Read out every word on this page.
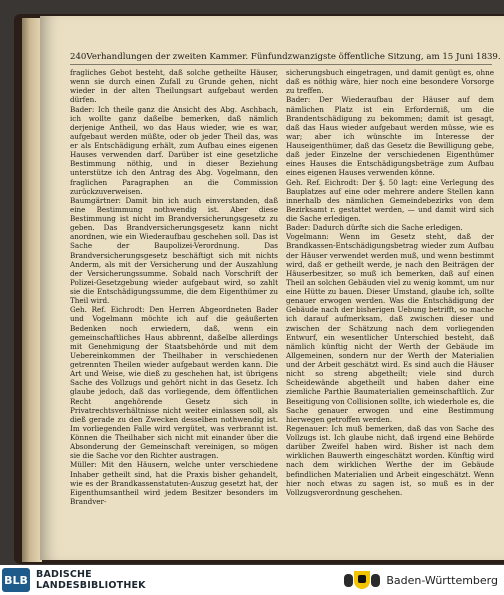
240 Verhandlungen der zweiten Kammer. Fünfundzwanzigste öffentliche Sitzung, am 15 Juni 1839.

fragliches Gebot besteht, daß solche getheilte Häuser, wenn sie durch einen Zufall zu Grunde gehen, nicht wieder in der alten Theilungsart aufgebaut werden dürfen.

Bader: Ich theile ganz die Ansicht des Abg. Aschbach, ich wollte ganz daßelbe bemerken, daß nämlich derjenige Antheil, wo das Haus wieder, wie es war, aufgebaut werden müßte, oder ob jeder Theil das, was er als Entschädigung erhält, zum Aufbau eines eigenen Hauses verwenden darf. Darüber ist eine gesetzliche Bestimmung nöthig, und in dieser Beziehung unterstütze ich den Antrag des Abg. Vogelmann, den fraglichen Paragraphen an die Commission zurückzuverweisen.

Baumgärtner: Damit bin ich auch einverstanden, daß eine Bestimmung nothwendig ist. Aber diese Bestimmung ist nicht im Brandversicherungsgesetz zu geben. Das Brandversicherungsgesetz kann nicht anordnen, wie ein Wiederaufbau geschehen soll. Das ist Sache der Baupolizei-Verordnung. Das Brandversicherungsgesetz beschäftigt sich mit nichts Anderm, als mit der Versicherung und der Auszahlung der Versicherungssumme. Sobald nach Vorschrift der Polizei-Gesetzgebung wieder aufgebaut wird, so zahlt sie die Entschädigungssumme, die dem Eigenthümer zu Theil wird.

Geh. Ref. Eichrodt: Den Herren Abgeordneten Bader und Vogelmann möchte ich auf die geäußerten Bedenken noch erwiedern, daß, wenn ein gemeinschaftliches Haus abbrennt, daßelbe allerdings mit Genehmigung der Staatsbehörde und mit dem Uebereinkommen der Theilhaber in verschiedenen getrennten Theilen wieder aufgebaut werden kann. Die Art und Weise, wie dieß zu geschehen hat, ist übrigens Sache des Vollzugs und gehört nicht in das Gesetz. Ich glaube jedoch, daß das vorliegende, dem öffentlichen Recht angehörende Gesetz sich in Privatrechtsverhältnisse nicht weiter einlassen soll, als dieß gerade zu den Zwecken desselben nothwendig ist. Im vorliegenden Falle wird vergütet, was verbrannt ist. Können die Theilhaber sich nicht mit einander über die Absonderung der Gemeinschaft vereinigen, so mögen sie die Sache vor den Richter austragen.

Müller: Mit den Häusern, welche unter verschiedene Inhaber getheilt sind, hat die Praxis bisher gehandelt, wie es der Brandkassenstatuten-Auszug gesetzt hat, der Eigenthumsantheil wird jedem Besitzer besonders im Brandver-

sicherungsbuch eingetragen, und damit genügt es, ohne daß es nöthig wäre, hier noch eine besondere Vorsorge zu treffen.

Bader: Der Wiederaufbau der Häuser auf dem nämlichen Platz ist ein Erforderniß, um die Brandentschädigung zu bekommen; damit ist gesagt, daß das Haus wieder aufgebaut werden müsse, wie es war; aber ich wünschte im Interesse der Hauseigenthümer, daß das Gesetz die Bewilligung gebe, daß jeder Einzelne der verschiedenen Eigenthümer eines Hauses die Entschädigungsbeträge zum Aufbau eines eigenen Hauses verwenden könne.

Geh. Ref. Eichrodt: Der §. 50 lagt: eine Verlegung des Bauplatzes auf eine oder mehrere andere Stellen kann innerhalb des nämlichen Gemeindebezirks von dem Bezirksamt r. gestattet werden, — und damit wird sich die Sache erledigen.

Bader: Dadurch dürfte sich die Sache erledigen.

Vogelmann: Wenn im Gesetz steht, daß der Brandkassen-Entschädigungsbetrag wieder zum Aufbau der Häuser verwendet werden muß, und wenn bestimmt wird, daß er getheilt werde, je nach den Beiträgen der Häuserbesitzer, so muß ich bemerken, daß auf einen Theil an solchen Gebäuden viel zu wenig kommt, um nur eine Hütte zu bauen. Dieser Umstand, glaube ich, sollte genauer erwogen werden. Was die Entschädigung der Gebäude nach der bisherigen Uebung betrifft, so mache ich darauf aufmerksam, daß zwischen dieser und zwischen der Schätzung nach dem vorliegenden Entwurf, ein wesentlicher Unterschied besteht, daß nämlich künftig nicht der Werth der Gebäude im Allgemeinen, sondern nur der Werth der Materialien und der Arbeit geschätzt wird. Es sind auch die Häuser nicht so streng abgetheilt; viele sind durch Scheidewände abgetheilt und haben daher eine ziemliche Parthie Baumaterialien gemeinschaftlich. Zur Beseitigung von Collisionen sollte, ich wiederhole es, die Sache genauer erwogen und eine Bestimmung hierwegen getroffen werden.

Regenauer: Ich muß bemerken, daß das von Sache des Vollzugs ist. Ich glaube nicht, daß irgend eine Behörde darüber Zweifel haben wird. Bisher ist nach dem wirklichen Bauwerth eingeschätzt worden. Künftig wird nach dem wirklichen Werthe der im Gebäude befindlichen Materialien und Arbeit eingeschätzt. Wenn hier noch etwas zu sagen ist, so muß es in der Vollzugsverordnung geschehen.

BLB BADISCHE
LANDESBIBLIOTHEK	Baden-Württemberg
